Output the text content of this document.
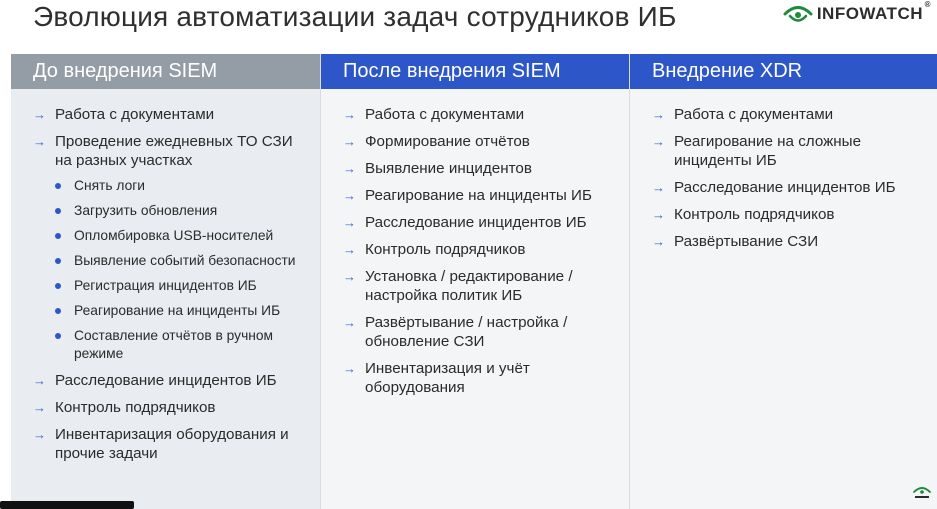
Эволюция автоматизации задач сотрудников ИБ	INFOWATCH ®
До внедрения SIEM
→ Работа с документами
→ Проведение ежедневных ТО СЗИ на разных участках
Снять логи
Загрузить обновления
Опломбировка USB-носителей
Выявление событий безопасности
Регистрация инцидентов ИБ
Реагирование на инциденты ИБ
Составление отчётов в ручном режиме
→ Расследование инцидентов ИБ
→ Контроль подрядчиков
→ Инвентаризация оборудования и прочие задачи
После внедрения SIEM
→ Работа с документами
→ Формирование отчётов
→ Выявление инцидентов
→ Реагирование на инциденты ИБ
→ Расследование инцидентов ИБ
→ Контроль подрядчиков
→ Установка / редактирование / настройка политик ИБ
→ Развёртывание / настройка / обновление СЗИ
→ Инвентаризация и учёт оборудования
Внедрение XDR
→ Работа с документами
→ Реагирование на сложные инциденты ИБ
→ Расследование инцидентов ИБ
→ Контроль подрядчиков
→ Развёртывание СЗИ
